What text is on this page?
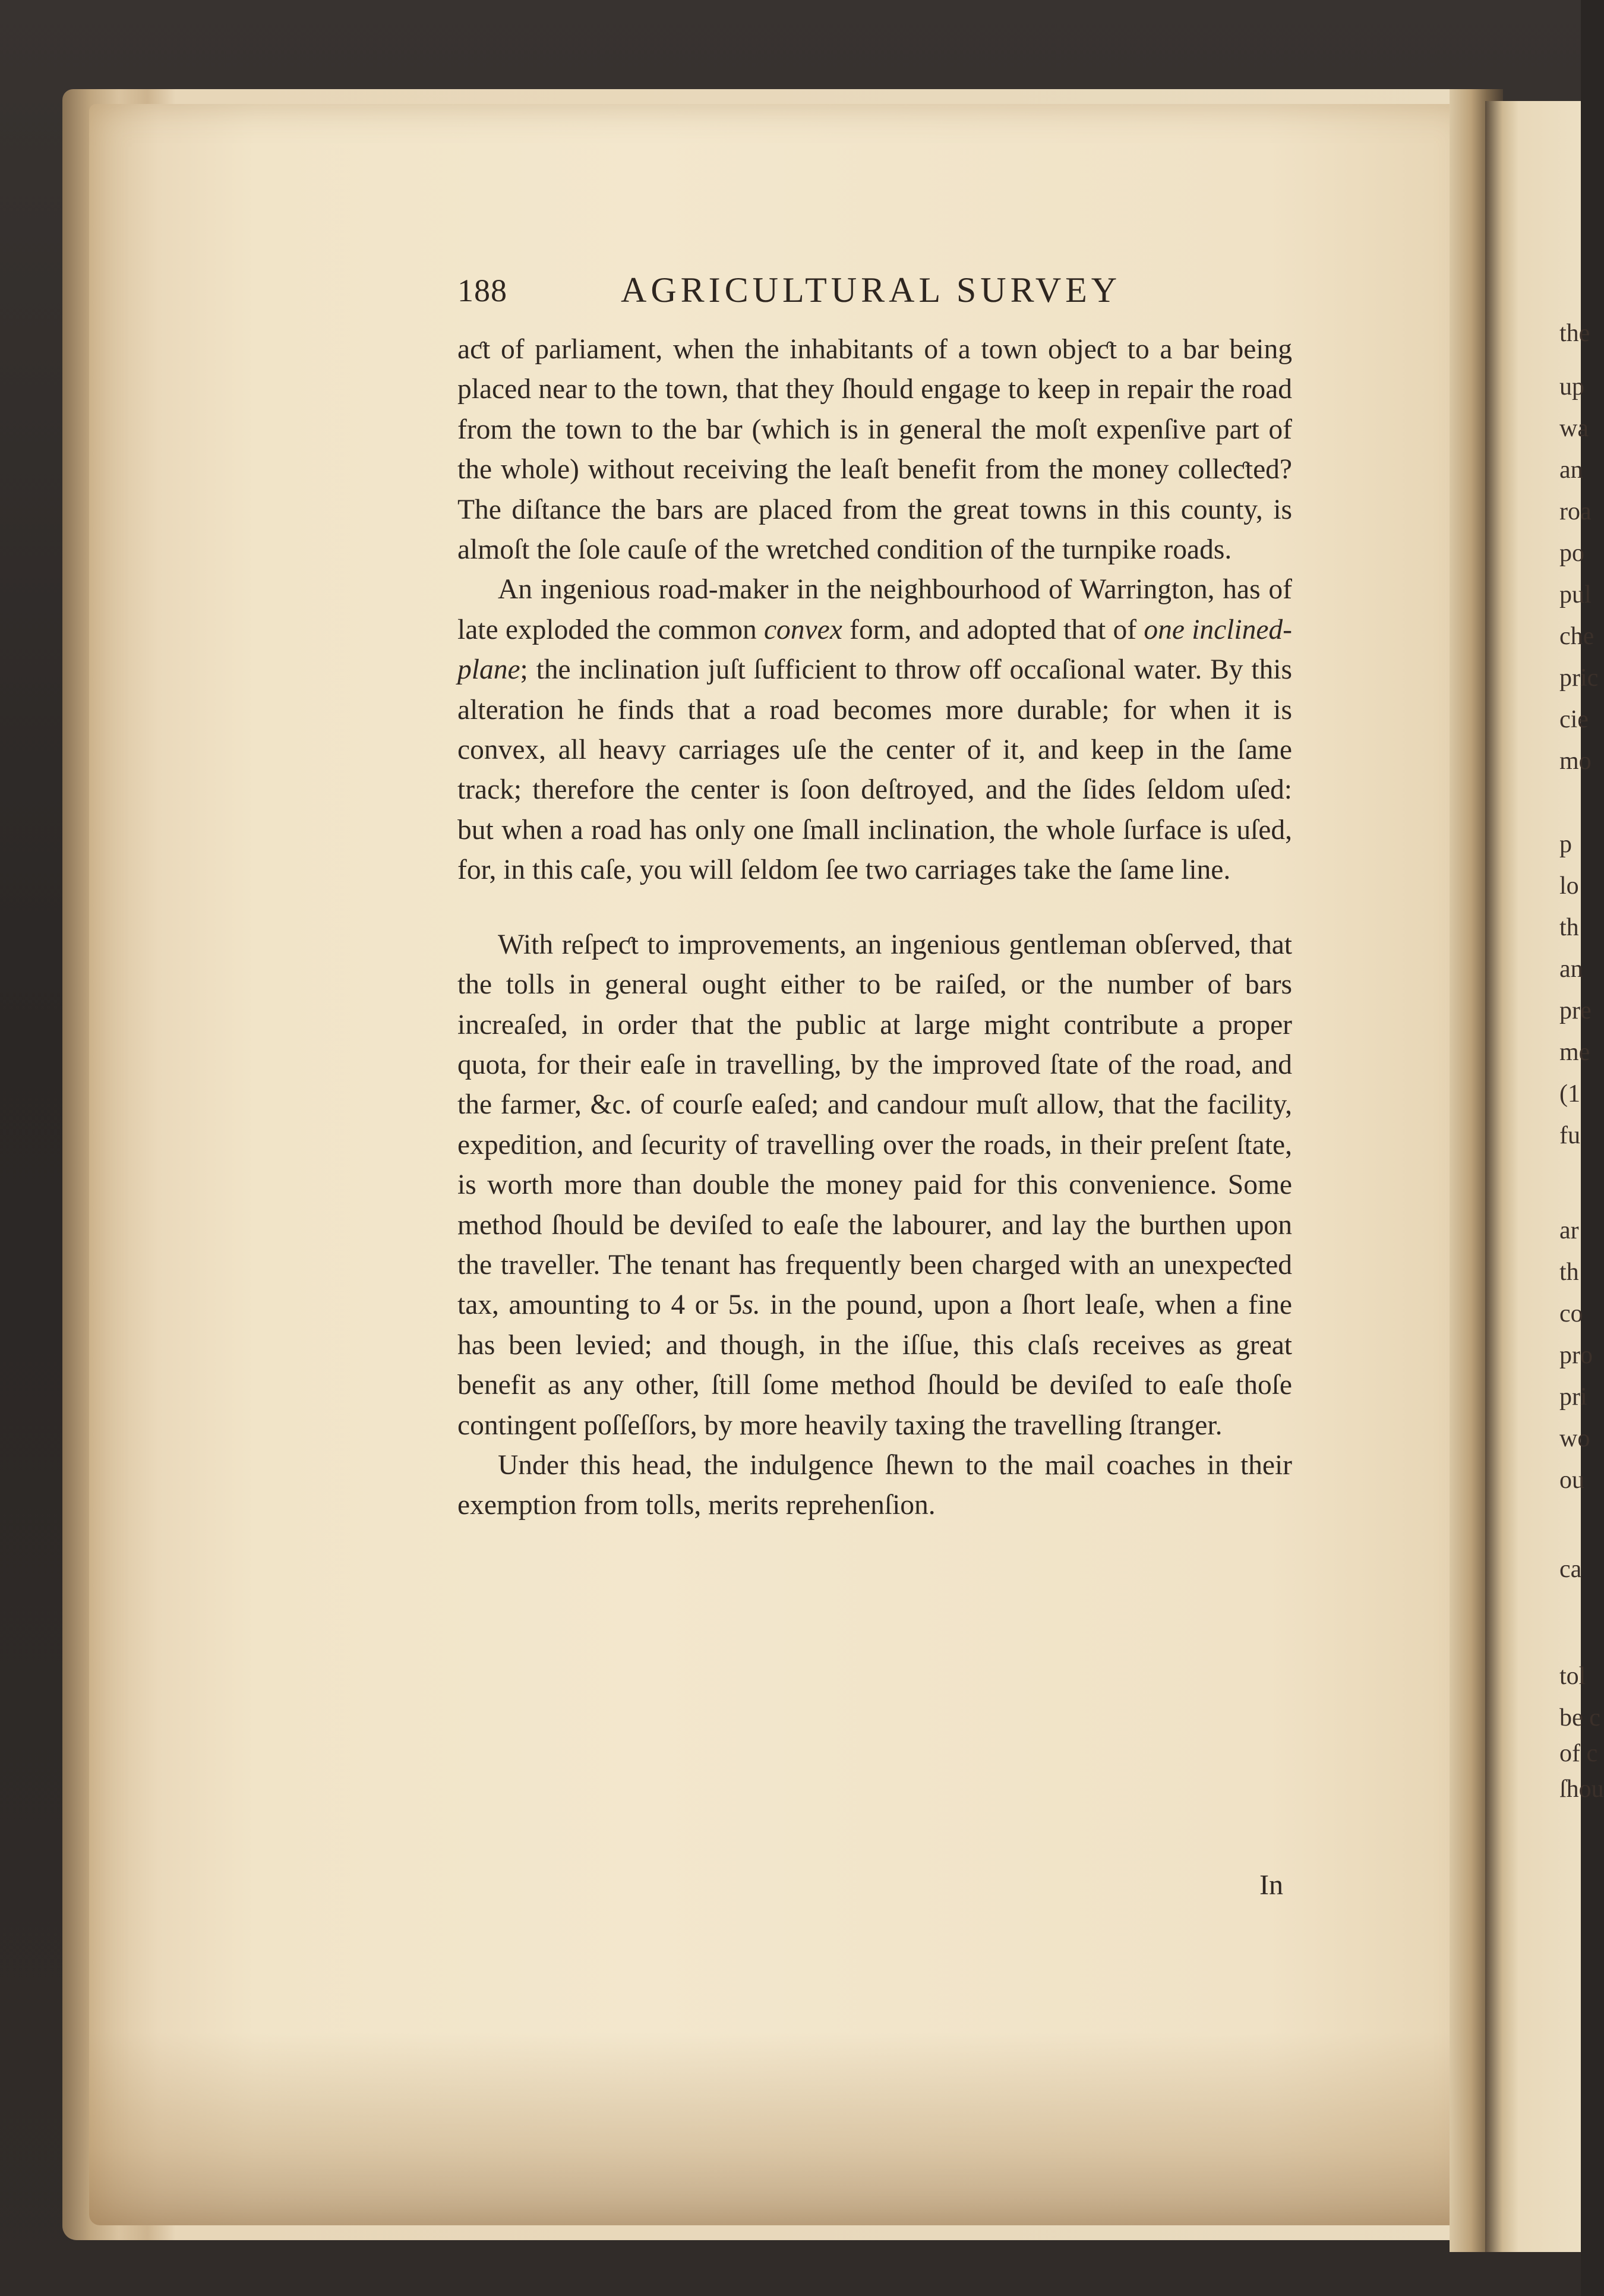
the
up
wa
an
roa
po
pul
che
pric
cie
mo
p
lo
th
an
pre
me
(1
fu
ar
th
co
pro
pri
wo
ou
ca
tol
be c
of c
ſhou
188	AGRICULTURAL SURVEY

aƈt of parliament, when the inhabitants of a town objeƈt to a bar being placed near to the town, that they ſhould engage to keep in repair the road from the town to the bar (which is in general the moſt expenſive part of the whole) without receiving the leaſt benefit from the money colleƈted? The diſtance the bars are placed from the great towns in this county, is almoſt the ſole cauſe of the wretched condition of the turnpike roads.

An ingenious road-maker in the neighbourhood of Warrington, has of late exploded the common convex form, and adopted that of one inclined-plane; the inclination juſt ſufficient to throw off occaſional water. By this alteration he finds that a road becomes more durable; for when it is convex, all heavy carriages uſe the center of it, and keep in the ſame track; therefore the center is ſoon deſtroyed, and the ſides ſeldom uſed: but when a road has only one ſmall inclination, the whole ſurface is uſed, for, in this caſe, you will ſeldom ſee two carriages take the ſame line.

With reſpeƈt to improvements, an ingenious gentleman obſerved, that the tolls in general ought either to be raiſed, or the number of bars increaſed, in order that the public at large might contribute a proper quota, for their eaſe in travelling, by the improved ſtate of the road, and the farmer, &c. of courſe eaſed; and candour muſt allow, that the facility, expedition, and ſecurity of travelling over the roads, in their preſent ſtate, is worth more than double the money paid for this convenience. Some method ſhould be deviſed to eaſe the labourer, and lay the burthen upon the traveller. The tenant has frequently been charged with an unexpeƈted tax, amounting to 4 or 5s. in the pound, upon a ſhort leaſe, when a fine has been levied; and though, in the iſſue, this claſs receives as great benefit as any other, ſtill ſome method ſhould be deviſed to eaſe thoſe contingent poſſeſſors, by more heavily taxing the travelling ſtranger.

Under this head, the indulgence ſhewn to the mail coaches in their exemption from tolls, merits reprehenſion.

In
